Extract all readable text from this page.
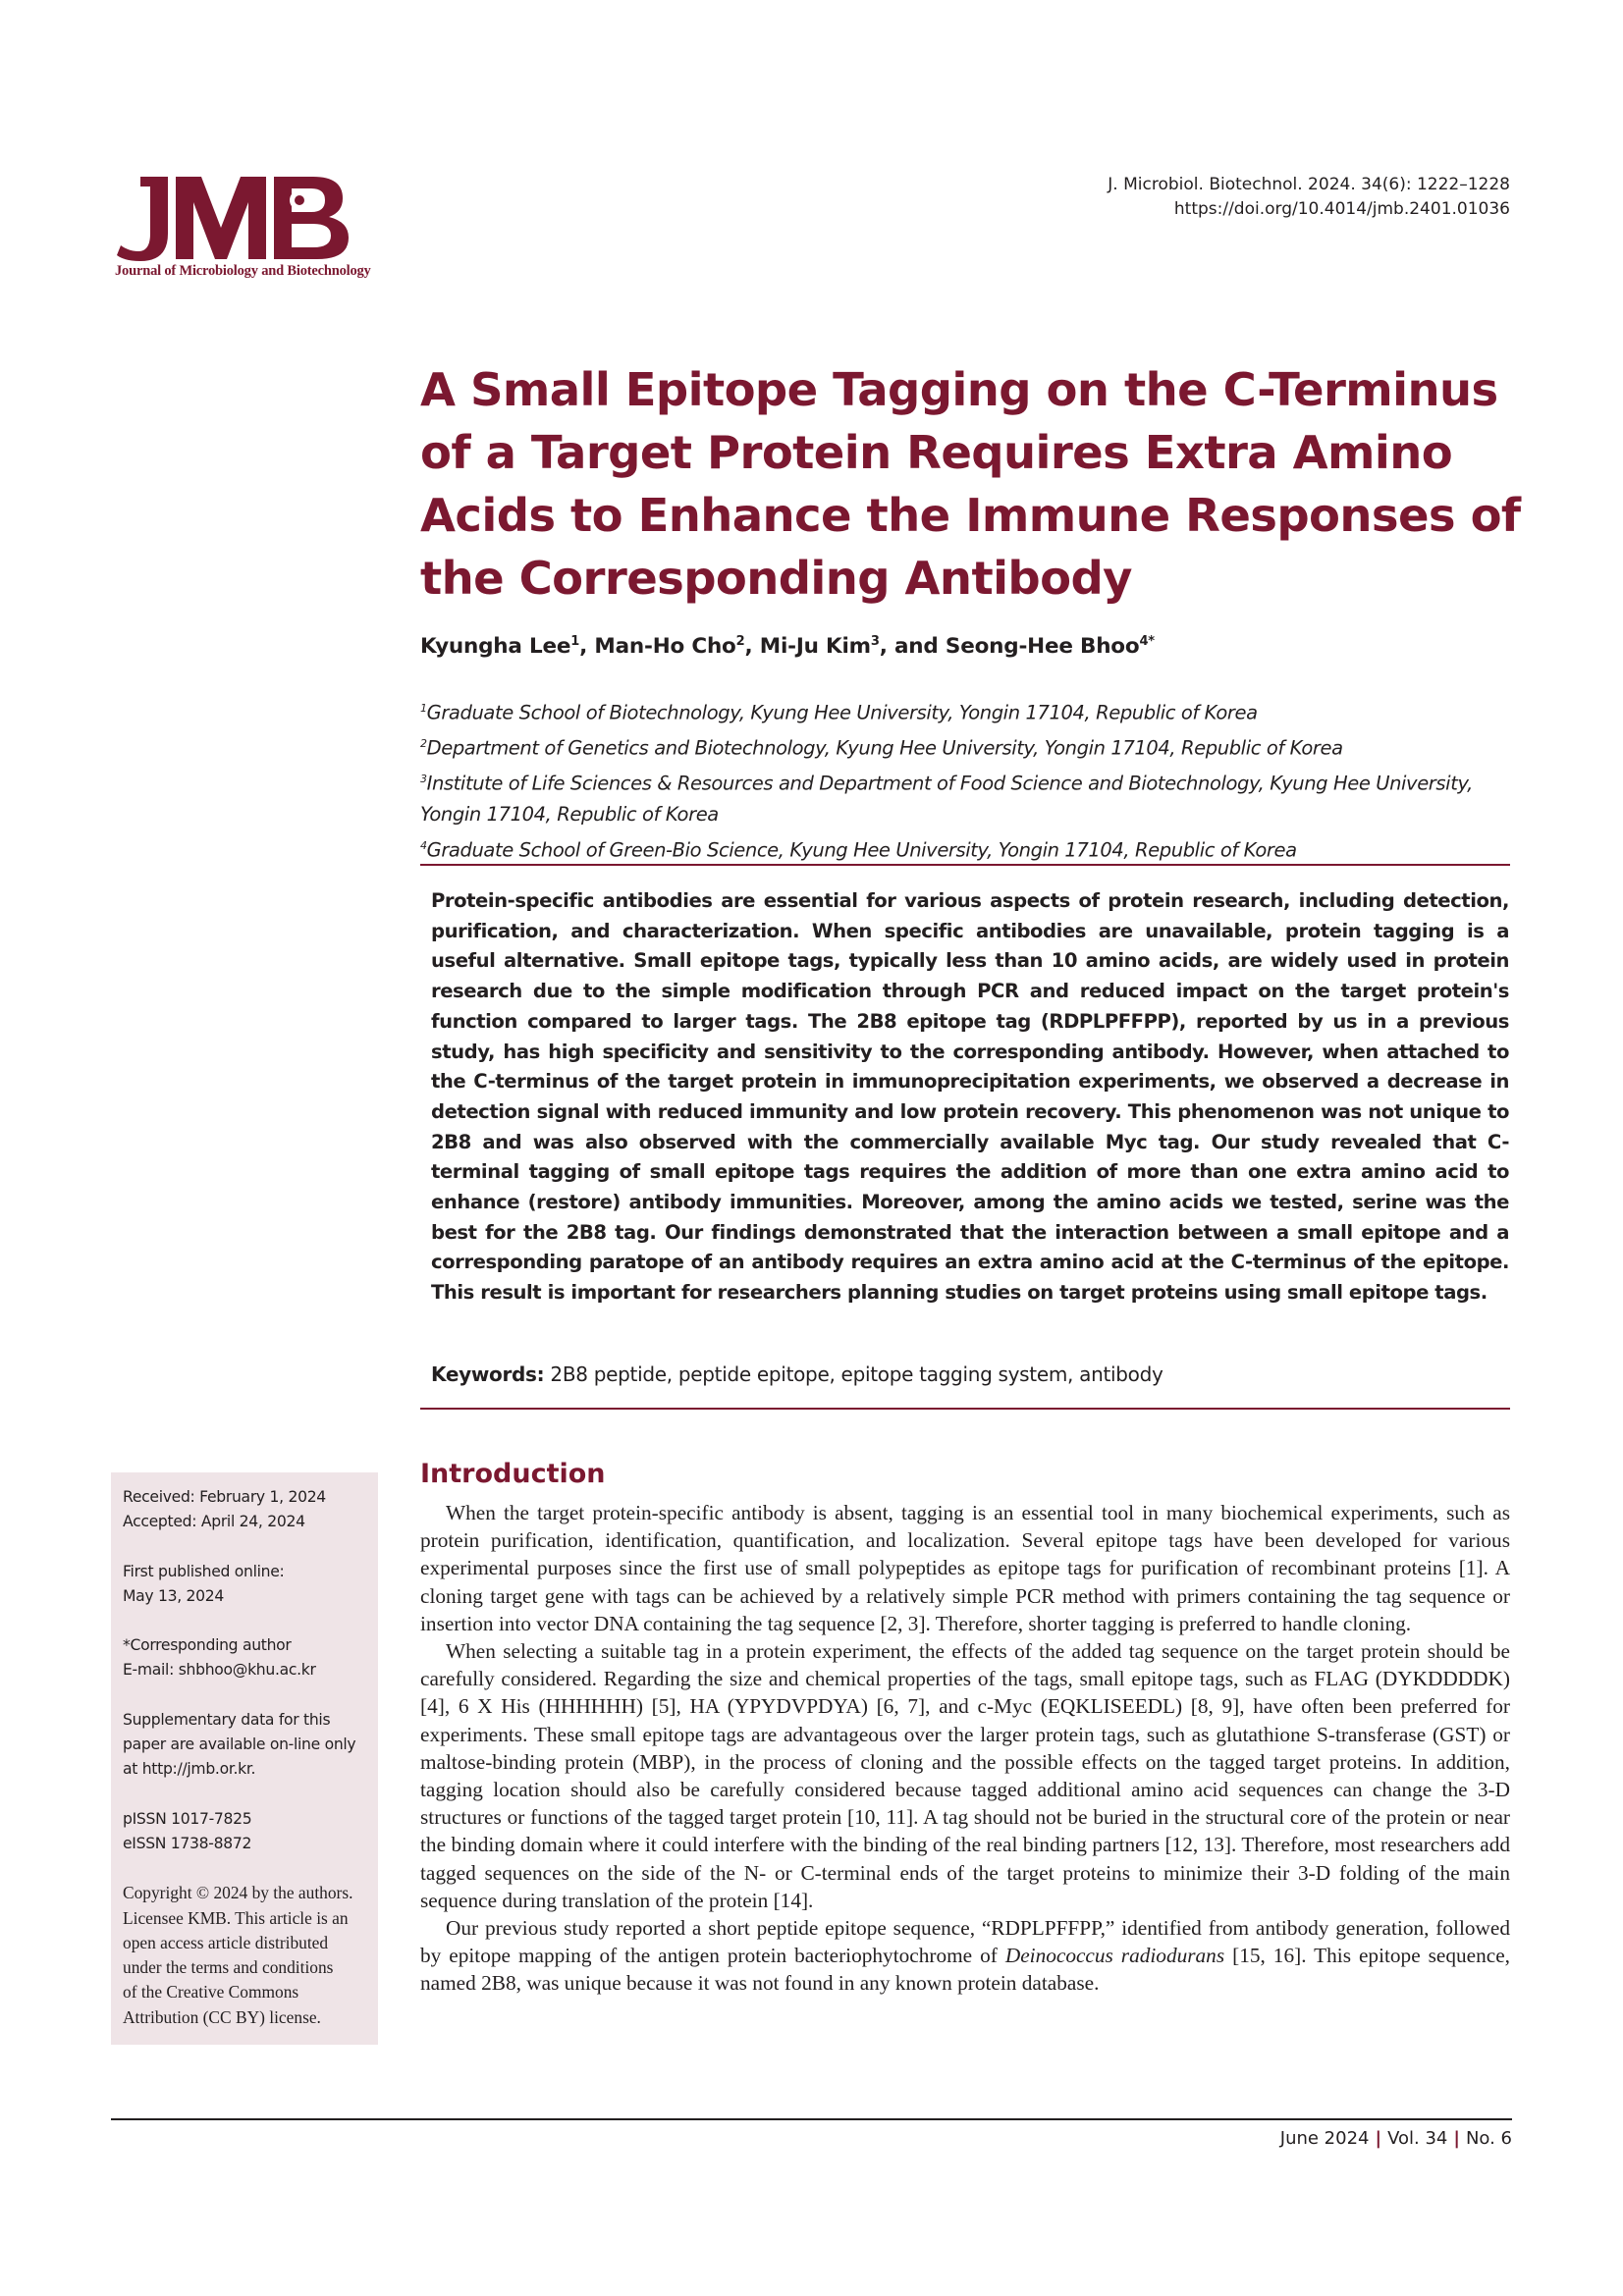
Journal of Microbiology and Biotechnology
J. Microbiol. Biotechnol. 2024. 34(6): 1222–1228
https://doi.org/10.4014/jmb.2401.01036
A Small Epitope Tagging on the C-Terminus of a Target Protein Requires Extra Amino Acids to Enhance the Immune Responses of the Corresponding Antibody
Kyungha Lee$^1$, Man-Ho Cho$^2$, Mi-Ju Kim$^3$, and Seong-Hee Bhoo$^{4*}$

$^1$Graduate School of Biotechnology, Kyung Hee University, Yongin 17104, Republic of Korea

$^2$Department of Genetics and Biotechnology, Kyung Hee University, Yongin 17104, Republic of Korea

$^3$Institute of Life Sciences & Resources and Department of Food Science and Biotechnology, Kyung Hee University, Yongin 17104, Republic of Korea

$^4$Graduate School of Green-Bio Science, Kyung Hee University, Yongin 17104, Republic of Korea

Protein-specific antibodies are essential for various aspects of protein research, including detection, purification, and characterization. When specific antibodies are unavailable, protein tagging is a useful alternative. Small epitope tags, typically less than 10 amino acids, are widely used in protein research due to the simple modification through PCR and reduced impact on the target protein's function compared to larger tags. The 2B8 epitope tag (RDPLPFFPP), reported by us in a previous study, has high specificity and sensitivity to the corresponding antibody. However, when attached to the C-terminus of the target protein in immunoprecipitation experiments, we observed a decrease in detection signal with reduced immunity and low protein recovery. This phenomenon was not unique to 2B8 and was also observed with the commercially available Myc tag. Our study revealed that C-terminal tagging of small epitope tags requires the addition of more than one extra amino acid to enhance (restore) antibody immunities. Moreover, among the amino acids we tested, serine was the best for the 2B8 tag. Our findings demonstrated that the interaction between a small epitope and a corresponding paratope of an antibody requires an extra amino acid at the C-terminus of the epitope. This result is important for researchers planning studies on target proteins using small epitope tags.

Keywords: 2B8 peptide, peptide epitope, epitope tagging system, antibody

Received: February 1, 2024

Accepted: April 24, 2024

First published online:

May 13, 2024

*Corresponding author

E-mail: shbhoo@khu.ac.kr

Supplementary data for this

paper are available on-line only

at http://jmb.or.kr.

pISSN 1017-7825

eISSN 1738-8872

Copyright © 2024 by the authors.

Licensee KMB. This article is an

open access article distributed

under the terms and conditions

of the Creative Commons

Attribution (CC BY) license.

Introduction

When the target protein-specific antibody is absent, tagging is an essential tool in many biochemical experiments, such as protein purification, identification, quantification, and localization. Several epitope tags have been developed for various experimental purposes since the first use of small polypeptides as epitope tags for purification of recombinant proteins [1]. A cloning target gene with tags can be achieved by a relatively simple PCR method with primers containing the tag sequence or insertion into vector DNA containing the tag sequence [2, 3]. Therefore, shorter tagging is preferred to handle cloning.

When selecting a suitable tag in a protein experiment, the effects of the added tag sequence on the target protein should be carefully considered. Regarding the size and chemical properties of the tags, small epitope tags, such as FLAG (DYKDDDDK) [4], 6 X His (HHHHHH) [5], HA (YPYDVPDYA) [6, 7], and c-Myc (EQKLISEEDL) [8, 9], have often been preferred for experiments. These small epitope tags are advantageous over the larger protein tags, such as glutathione S-transferase (GST) or maltose-binding protein (MBP), in the process of cloning and the possible effects on the tagged target proteins. In addition, tagging location should also be carefully considered because tagged additional amino acid sequences can change the 3-D structures or functions of the tagged target protein [10, 11]. A tag should not be buried in the structural core of the protein or near the binding domain where it could interfere with the binding of the real binding partners [12, 13]. Therefore, most researchers add tagged sequences on the side of the N- or C-terminal ends of the target proteins to minimize their 3-D folding of the main sequence during translation of the protein [14].

Our previous study reported a short peptide epitope sequence, “RDPLPFFPP,” identified from antibody generation, followed by epitope mapping of the antigen protein bacteriophytochrome of Deinococcus radiodurans [15, 16]. This epitope sequence, named 2B8, was unique because it was not found in any known protein database.

June 2024 | Vol. 34 | No. 6
